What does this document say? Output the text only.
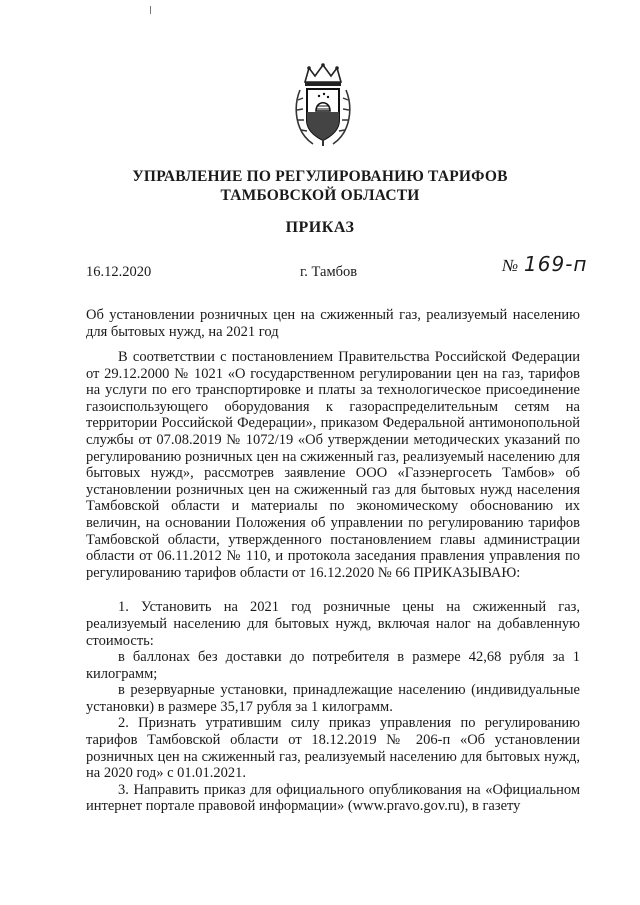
УПРАВЛЕНИЕ ПО РЕГУЛИРОВАНИЮ ТАРИФОВ
ТАМБОВСКОЙ ОБЛАСТИ
ПРИКАЗ
16.12.2020	г. Тамбов	№ 169-п
Об установлении розничных цен на сжиженный газ, реализуемый населению для бытовых нужд, на 2021 год

В соответствии с постановлением Правительства Российской Федерации от 29.12.2000 № 1021 «О государственном регулировании цен на газ, тарифов на услуги по его транспортировке и платы за технологическое присоединение газоиспользующего оборудования к газораспределительным сетям на территории Российской Федерации», приказом Федеральной антимонопольной службы от 07.08.2019 № 1072/19 «Об утверждении методических указаний по регулированию розничных цен на сжиженный газ, реализуемый населению для бытовых нужд», рассмотрев заявление ООО «Газэнергосеть Тамбов» об установлении розничных цен на сжиженный газ для бытовых нужд населения Тамбовской области и материалы по экономическому обоснованию их величин, на основании Положения об управлении по регулированию тарифов Тамбовской области, утвержденного постановлением главы администрации области от 06.11.2012 № 110, и протокола заседания правления управления по регулированию тарифов области от 16.12.2020 № 66 ПРИКАЗЫВАЮ:

1. Установить на 2021 год розничные цены на сжиженный газ, реализуемый населению для бытовых нужд, включая налог на добавленную стоимость:

в баллонах без доставки до потребителя в размере 42,68 рубля за 1 килограмм;

в резервуарные установки, принадлежащие населению (индивидуальные установки) в размере 35,17 рубля за 1 килограмм.

2. Признать утратившим силу приказ управления по регулированию тарифов Тамбовской области от 18.12.2019 № 206-п «Об установлении розничных цен на сжиженный газ, реализуемый населению для бытовых нужд, на 2020 год» с 01.01.2021.

3. Направить приказ для официального опубликования на «Официальном интернет портале правовой информации» (www.pravo.gov.ru), в газету
